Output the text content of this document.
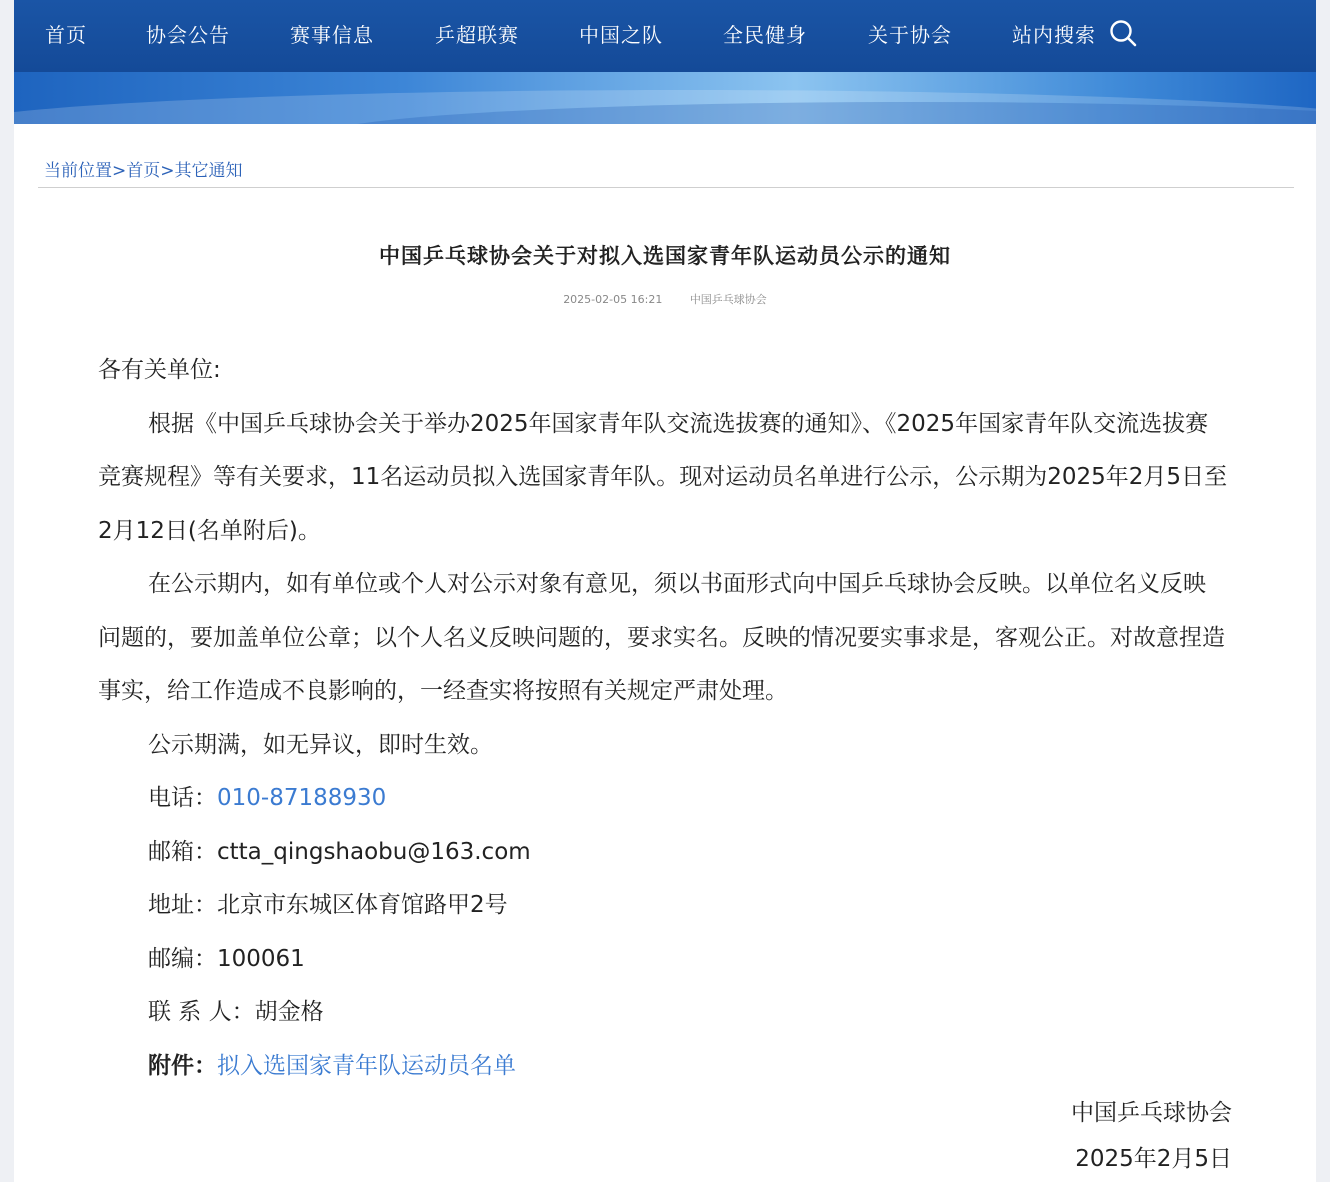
首页	协会公告	赛事信息	乒超联赛	中国之队	全民健身	关于协会	站内搜索
当前位置>首页>其它通知
中国乒乓球协会关于对拟入选国家青年队运动员公示的通知
2025-02-05 16:21	中国乒乓球协会

各有关单位:

根据《中国乒乓球协会关于举办2025年国家青年队交流选拔赛的通知》、《2025年国家青年队交流选拔赛竞赛规程》等有关要求，11名运动员拟入选国家青年队。现对运动员名单进行公示，公示期为2025年2月5日至2月12日(名单附后)。

在公示期内，如有单位或个人对公示对象有意见，须以书面形式向中国乒乓球协会反映。以单位名义反映问题的，要加盖单位公章；以个人名义反映问题的，要求实名。反映的情况要实事求是，客观公正。对故意捏造事实，给工作造成不良影响的，一经查实将按照有关规定严肃处理。

公示期满，如无异议，即时生效。

电话：010-87188930

邮箱：ctta_qingshaobu@163.com

地址：北京市东城区体育馆路甲2号

邮编：100061

联 系 人：胡金格

附件：拟入选国家青年队运动员名单

中国乒乓球协会
2025年2月5日
